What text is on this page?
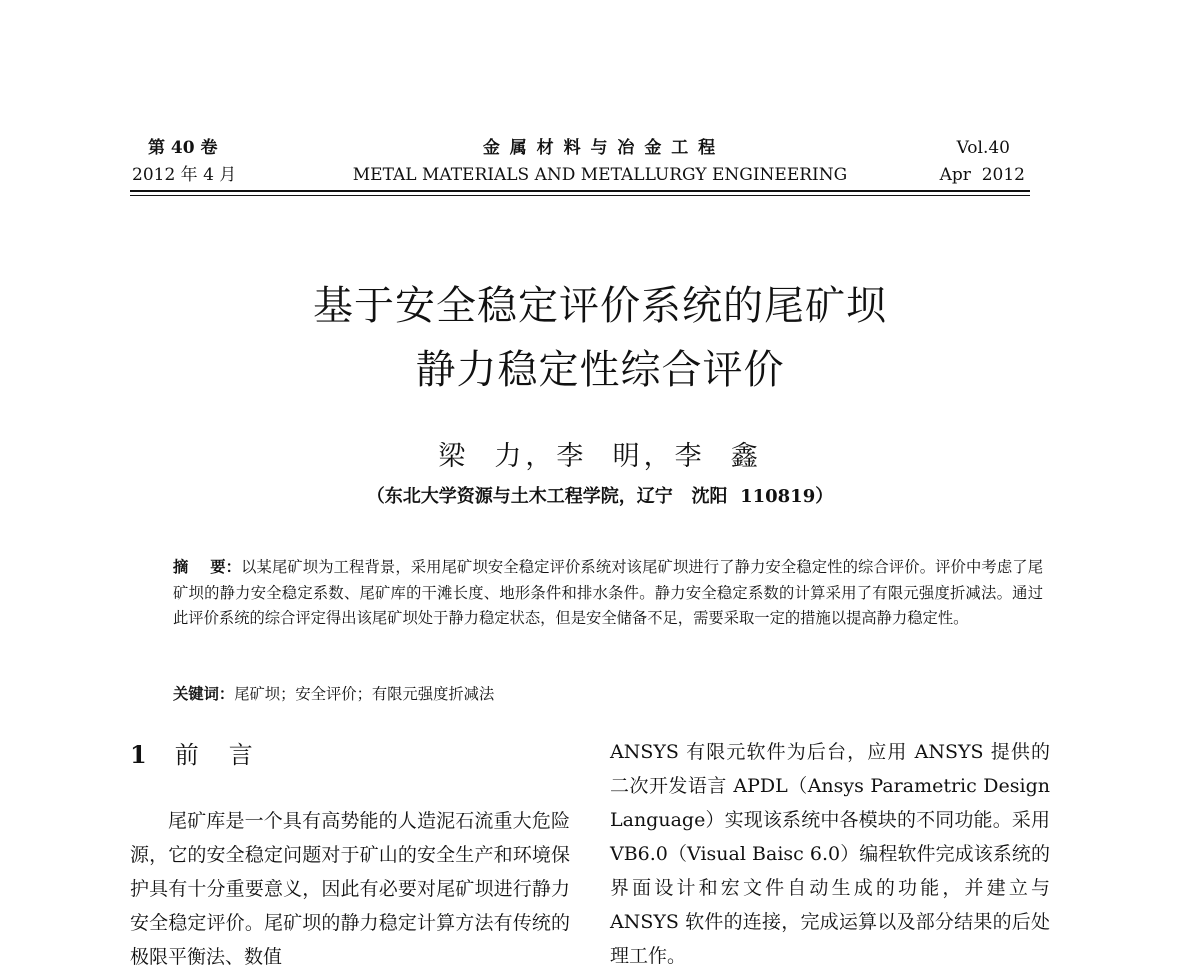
第 40 卷
2012 年 4 月
金 属 材 料 与 冶 金 工 程
METAL MATERIALS AND METALLURGY ENGINEERING
Vol.40
Apr  2012
基于安全稳定评价系统的尾矿坝
静力稳定性综合评价
梁  力，李  明，李  鑫
（东北大学资源与土木工程学院，辽宁   沈阳  110819）
摘    要：以某尾矿坝为工程背景，采用尾矿坝安全稳定评价系统对该尾矿坝进行了静力安全稳定性的综合评价。评价中考虑了尾矿坝的静力安全稳定系数、尾矿库的干滩长度、地形条件和排水条件。静力安全稳定系数的计算采用了有限元强度折减法。通过此评价系统的综合评定得出该尾矿坝处于静力稳定状态，但是安全储备不足，需要采取一定的措施以提高静力稳定性。
关键词：尾矿坝；安全评价；有限元强度折减法
1 前言

尾矿库是一个具有高势能的人造泥石流重大危险源，它的安全稳定问题对于矿山的安全生产和环境保护具有十分重要意义，因此有必要对尾矿坝进行静力安全稳定评价。尾矿坝的静力稳定计算方法有传统的极限平衡法、数值

ANSYS 有限元软件为后台，应用 ANSYS 提供的二次开发语言 APDL（Ansys Parametric Design Language）实现该系统中各模块的不同功能。采用 VB6.0（Visual Baisc 6.0）编程软件完成该系统的界面设计和宏文件自动生成的功能，并建立与 ANSYS 软件的连接，完成运算以及部分结果的后处理工作。
